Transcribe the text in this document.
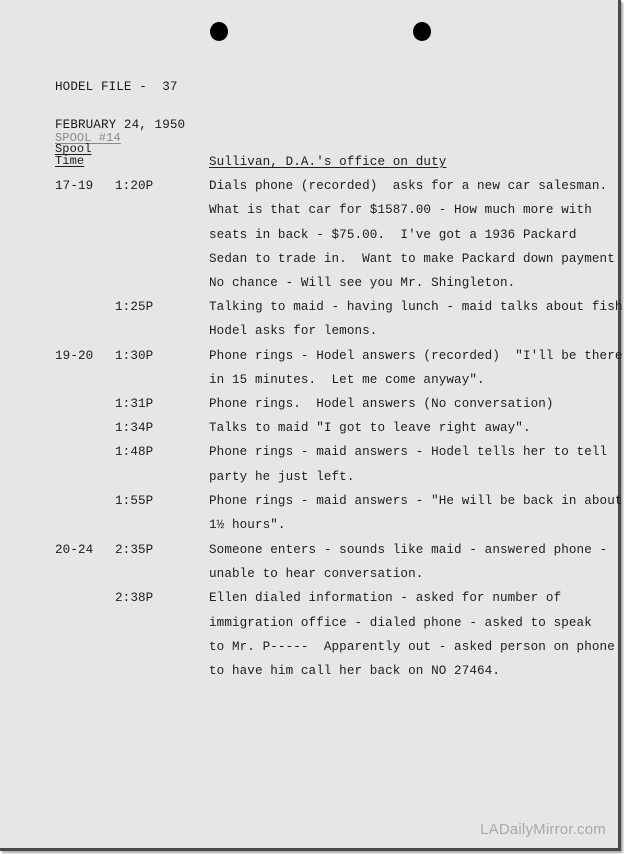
HODEL FILE -  37
FEBRUARY 24, 1950
SPOOL #14
Spool
Time	Sullivan, D.A.'s office on duty
17-19 1:20P	Dials phone (recorded)  asks for a new car salesman.
What is that car for $1587.00 - How much more with
seats in back - $75.00.  I've got a 1936 Packard
Sedan to trade in.  Want to make Packard down payment
No chance - Will see you Mr. Shingleton.
1:25P	Talking to maid - having lunch - maid talks about fish
Hodel asks for lemons.
19-20 1:30P	Phone rings - Hodel answers (recorded)  "I'll be there
in 15 minutes.  Let me come anyway".
1:31P	Phone rings.  Hodel answers (No conversation)
1:34P	Talks to maid "I got to leave right away".
1:48P	Phone rings - maid answers - Hodel tells her to tell
party he just left.
1:55P	Phone rings - maid answers - "He will be back in about
1½ hours".
20-24 2:35P	Someone enters - sounds like maid - answered phone -
unable to hear conversation.
2:38P	Ellen dialed information - asked for number of
immigration office - dialed phone - asked to speak
to Mr. P-----  Apparently out - asked person on phone
to have him call her back on NO 27464.
LADailyMirror.com
